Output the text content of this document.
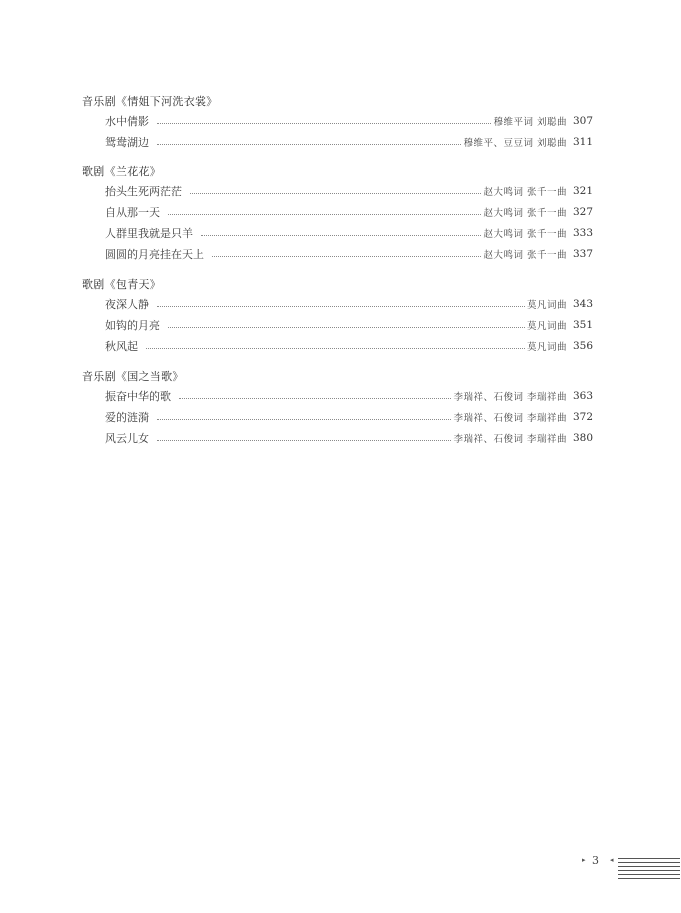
音乐剧《情姐下河洗衣裳》
水中倩影	穆维平词 刘聪曲 307
鸳鸯湖边	穆维平、豆豆词 刘聪曲 311
歌剧《兰花花》
抬头生死两茫茫	赵大鸣词 张千一曲 321
自从那一天	赵大鸣词 张千一曲 327
人群里我就是只羊	赵大鸣词 张千一曲 333
圆圆的月亮挂在天上	赵大鸣词 张千一曲 337
歌剧《包青天》
夜深人静	莫凡词曲 343
如钩的月亮	莫凡词曲 351
秋风起	莫凡词曲 356
音乐剧《国之当歌》
振奋中华的歌	李瑞祥、石俊词 李瑞祥曲 363
爱的涟漪	李瑞祥、石俊词 李瑞祥曲 372
风云儿女	李瑞祥、石俊词 李瑞祥曲 380
▸ 3 ◂
